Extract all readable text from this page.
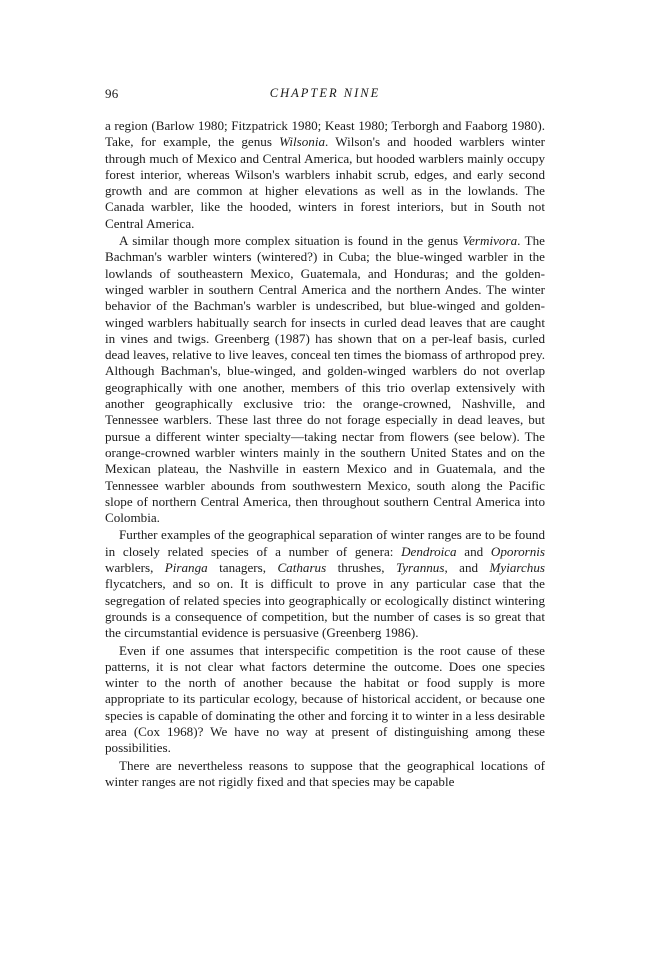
96	CHAPTER NINE

a region (Barlow 1980; Fitzpatrick 1980; Keast 1980; Terborgh and Faaborg 1980). Take, for example, the genus Wilsonia. Wilson's and hooded warblers winter through much of Mexico and Central America, but hooded warblers mainly occupy forest interior, whereas Wilson's warblers inhabit scrub, edges, and early second growth and are common at higher elevations as well as in the lowlands. The Canada warbler, like the hooded, winters in forest interiors, but in South not Central America.

A similar though more complex situation is found in the genus Vermivora. The Bachman's warbler winters (wintered?) in Cuba; the blue-winged warbler in the lowlands of southeastern Mexico, Guatemala, and Honduras; and the golden-winged warbler in southern Central America and the northern Andes. The winter behavior of the Bachman's warbler is undescribed, but blue-winged and golden-winged warblers habitually search for insects in curled dead leaves that are caught in vines and twigs. Greenberg (1987) has shown that on a per-leaf basis, curled dead leaves, relative to live leaves, conceal ten times the biomass of arthropod prey. Although Bachman's, blue-winged, and golden-winged warblers do not overlap geographically with one another, members of this trio overlap extensively with another geographically exclusive trio: the orange-crowned, Nashville, and Tennessee warblers. These last three do not forage especially in dead leaves, but pursue a different winter specialty—taking nectar from flowers (see below). The orange-crowned warbler winters mainly in the southern United States and on the Mexican plateau, the Nashville in eastern Mexico and in Guatemala, and the Tennessee warbler abounds from southwestern Mexico, south along the Pacific slope of northern Central America, then throughout southern Central America into Colombia.

Further examples of the geographical separation of winter ranges are to be found in closely related species of a number of genera: Dendroica and Oporornis warblers, Piranga tanagers, Catharus thrushes, Tyrannus, and Myiarchus flycatchers, and so on. It is difficult to prove in any particular case that the segregation of related species into geographically or ecologically distinct wintering grounds is a consequence of competition, but the number of cases is so great that the circumstantial evidence is persuasive (Greenberg 1986).

Even if one assumes that interspecific competition is the root cause of these patterns, it is not clear what factors determine the outcome. Does one species winter to the north of another because the habitat or food supply is more appropriate to its particular ecology, because of historical accident, or because one species is capable of dominating the other and forcing it to winter in a less desirable area (Cox 1968)? We have no way at present of distinguishing among these possibilities.

There are nevertheless reasons to suppose that the geographical locations of winter ranges are not rigidly fixed and that species may be capable
